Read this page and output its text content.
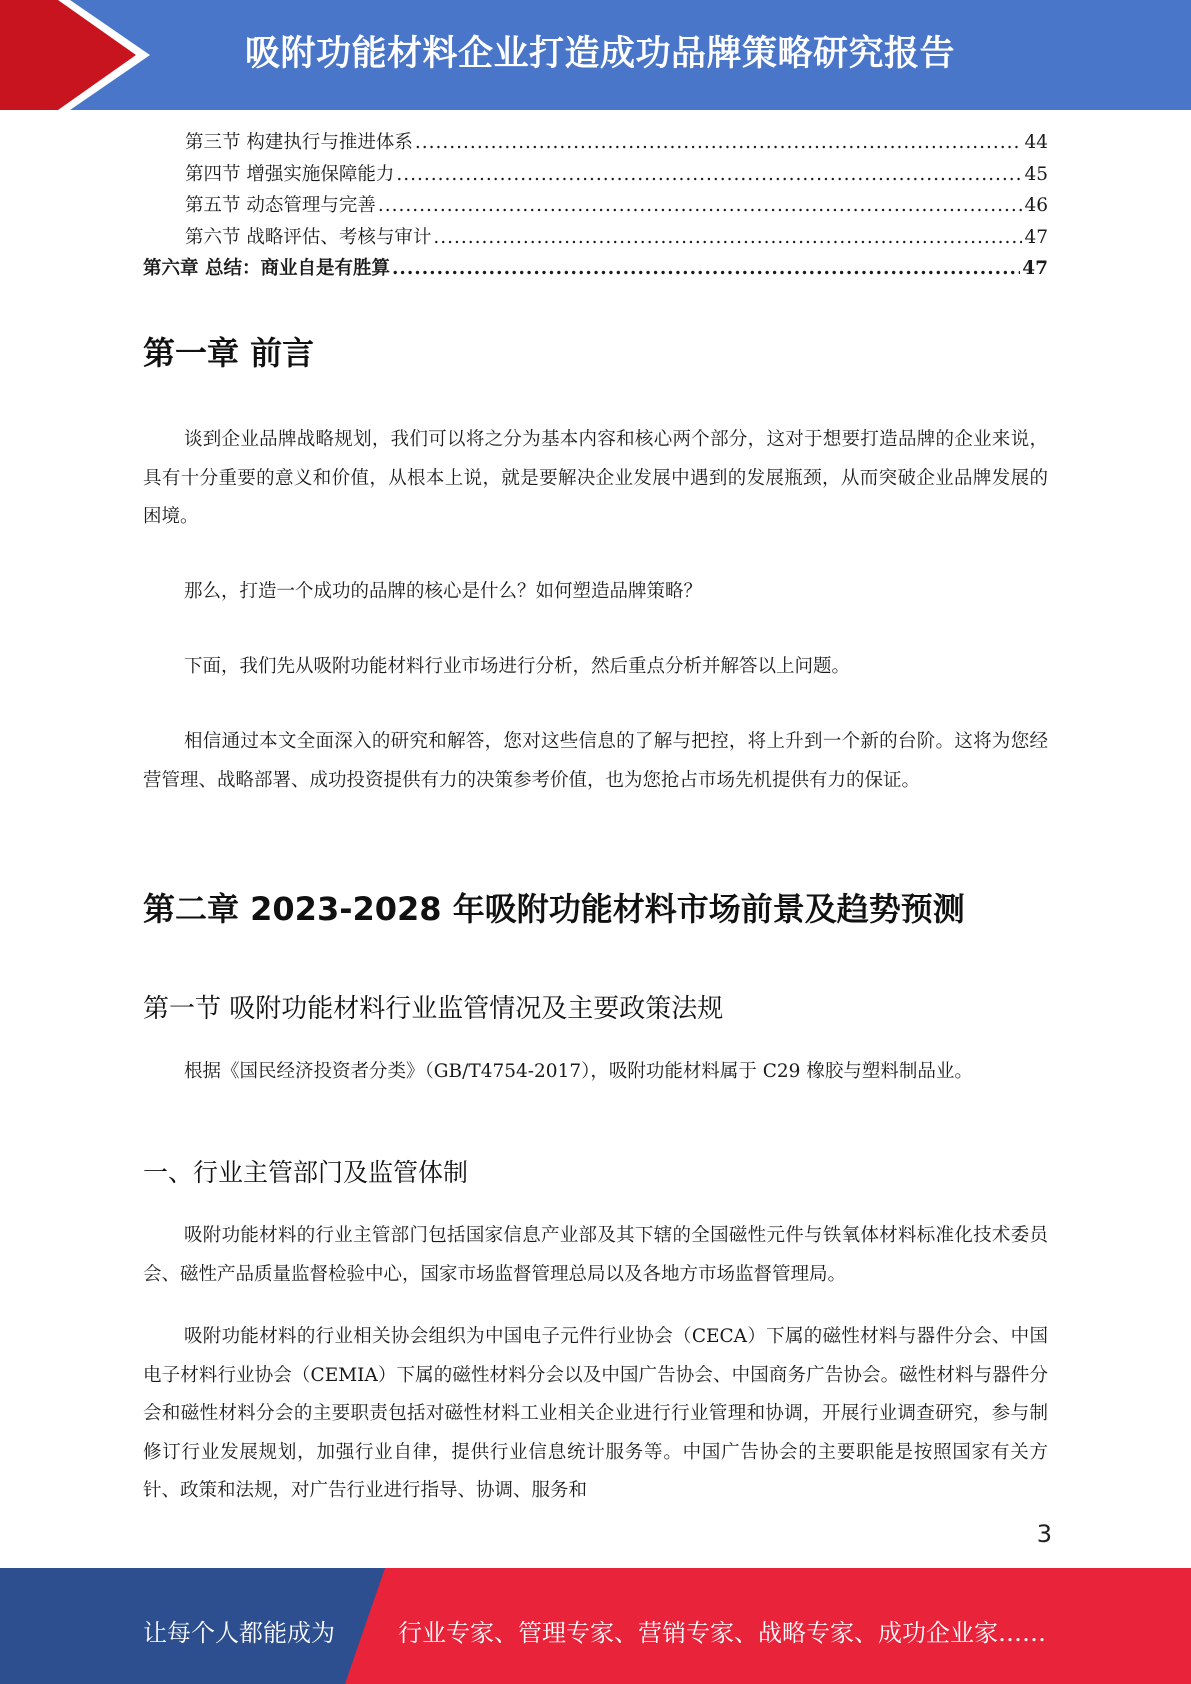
吸附功能材料企业打造成功品牌策略研究报告
第三节 构建执行与推进体系 .....	44
第四节 增强实施保障能力 .....	45
第五节 动态管理与完善 .....	46
第六节 战略评估、考核与审计 .....	47
第六章 总结：商业自是有胜算 .....	47
第一章 前言

谈到企业品牌战略规划，我们可以将之分为基本内容和核心两个部分，这对于想要打造品牌的企业来说，具有十分重要的意义和价值，从根本上说，就是要解决企业发展中遇到的发展瓶颈，从而突破企业品牌发展的困境。

那么，打造一个成功的品牌的核心是什么？如何塑造品牌策略？

下面，我们先从吸附功能材料行业市场进行分析，然后重点分析并解答以上问题。

相信通过本文全面深入的研究和解答，您对这些信息的了解与把控，将上升到一个新的台阶。这将为您经营管理、战略部署、成功投资提供有力的决策参考价值，也为您抢占市场先机提供有力的保证。

第二章 2023-2028 年吸附功能材料市场前景及趋势预测
第一节 吸附功能材料行业监管情况及主要政策法规

根据《国民经济投资者分类》（GB/T4754-2017），吸附功能材料属于 C29 橡胶与塑料制品业。

一、行业主管部门及监管体制

吸附功能材料的行业主管部门包括国家信息产业部及其下辖的全国磁性元件与铁氧体材料标准化技术委员会、磁性产品质量监督检验中心，国家市场监督管理总局以及各地方市场监督管理局。

吸附功能材料的行业相关协会组织为中国电子元件行业协会（CECA）下属的磁性材料与器件分会、中国电子材料行业协会（CEMIA）下属的磁性材料分会以及中国广告协会、中国商务广告协会。磁性材料与器件分会和磁性材料分会的主要职责包括对磁性材料工业相关企业进行行业管理和协调，开展行业调查研究，参与制修订行业发展规划，加强行业自律，提供行业信息统计服务等。中国广告协会的主要职能是按照国家有关方针、政策和法规，对广告行业进行指导、协调、服务和

3
让每个人都能成为	行业专家、管理专家、营销专家、战略专家、成功企业家……
